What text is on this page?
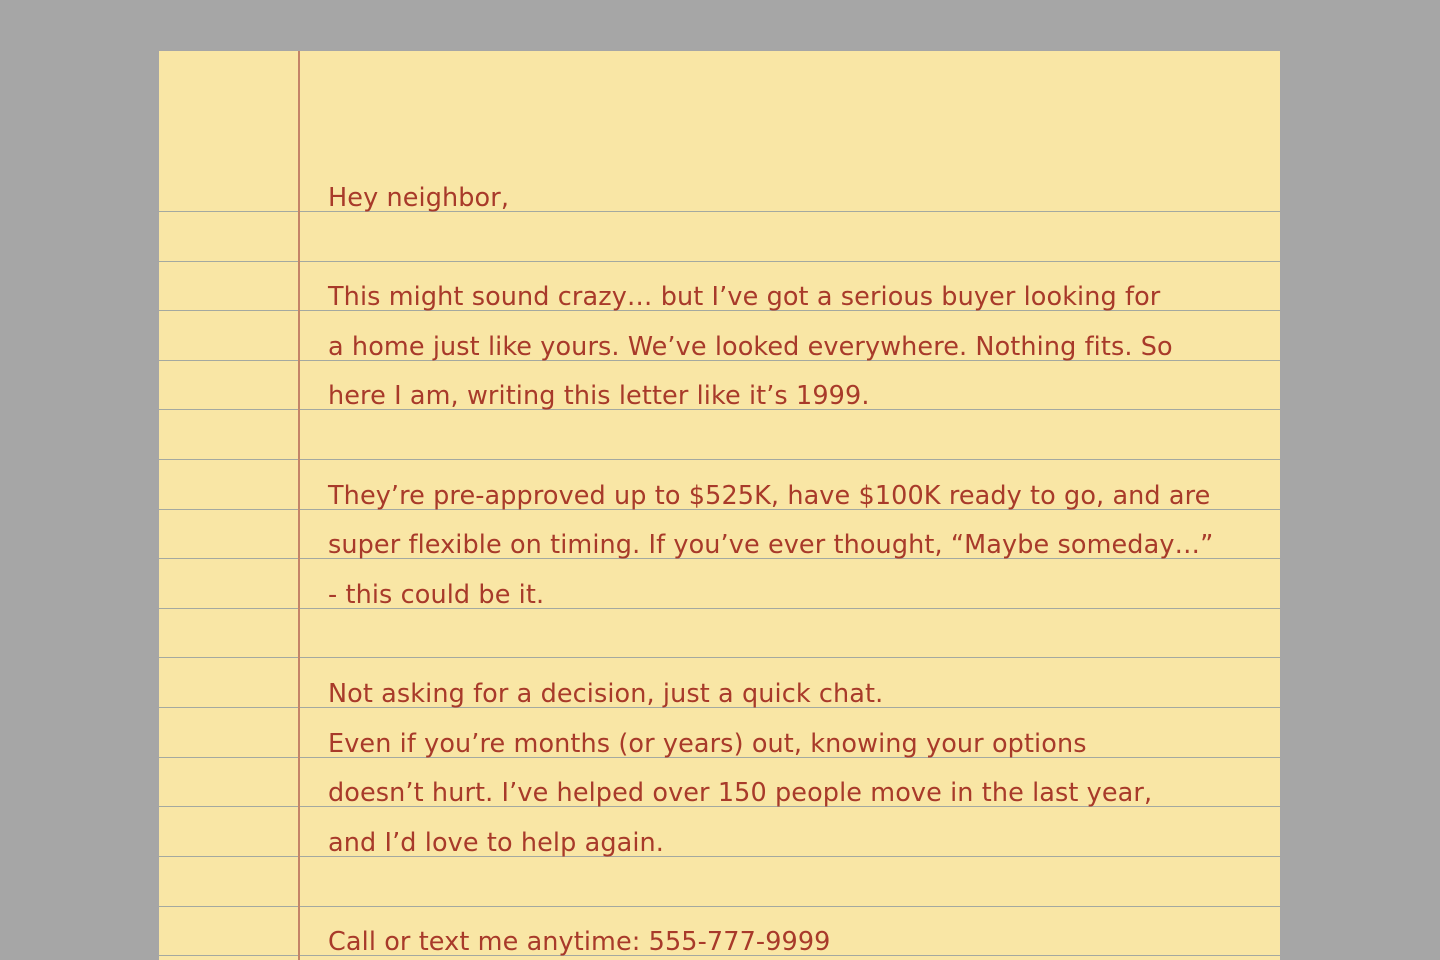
Hey neighbor,
This might sound crazy… but I’ve got a serious buyer looking for
a home just like yours. We’ve looked everywhere. Nothing fits. So
here I am, writing this letter like it’s 1999.
They’re pre-approved up to $525K, have $100K ready to go, and are
super flexible on timing. If you’ve ever thought, “Maybe someday…”
- this could be it.
Not asking for a decision, just a quick chat.
Even if you’re months (or years) out, knowing your options
doesn’t hurt. I’ve helped over 150 people move in the last year,
and I’d love to help again.
Call or text me anytime: 555-777-9999
